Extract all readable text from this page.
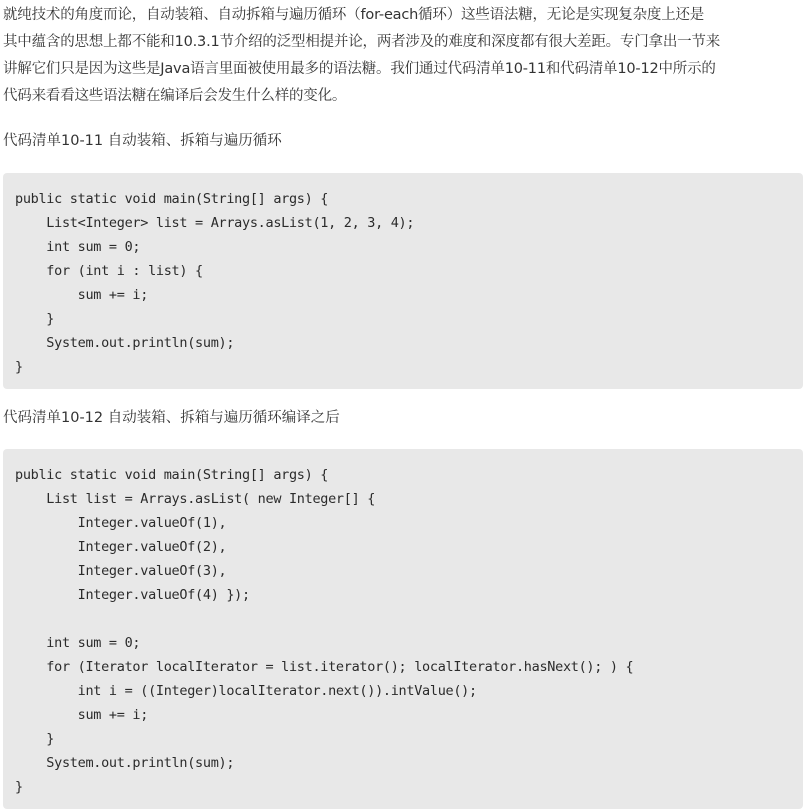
就纯技术的角度而论，自动装箱、自动拆箱与遍历循环（for-each循环）这些语法糖，无论是实现复杂度上还是
其中蕴含的思想上都不能和10.3.1节介绍的泛型相提并论，两者涉及的难度和深度都有很大差距。专门拿出一节来
讲解它们只是因为这些是Java语言里面被使用最多的语法糖。我们通过代码清单10-11和代码清单10-12中所示的
代码来看看这些语法糖在编译后会发生什么样的变化。

代码清单10-11 自动装箱、拆箱与遍历循环

public static void main(String[] args) {
List<Integer> list = Arrays.asList(1, 2, 3, 4);
int sum = 0;
for (int i : list) {
sum += i;
}
System.out.println(sum);
}

代码清单10-12 自动装箱、拆箱与遍历循环编译之后

public static void main(String[] args) {
List list = Arrays.asList( new Integer[] {
Integer.valueOf(1),
Integer.valueOf(2),
Integer.valueOf(3),
Integer.valueOf(4) });
int sum = 0;
for (Iterator localIterator = list.iterator(); localIterator.hasNext(); ) {
int i = ((Integer)localIterator.next()).intValue();
sum += i;
}
System.out.println(sum);
}
